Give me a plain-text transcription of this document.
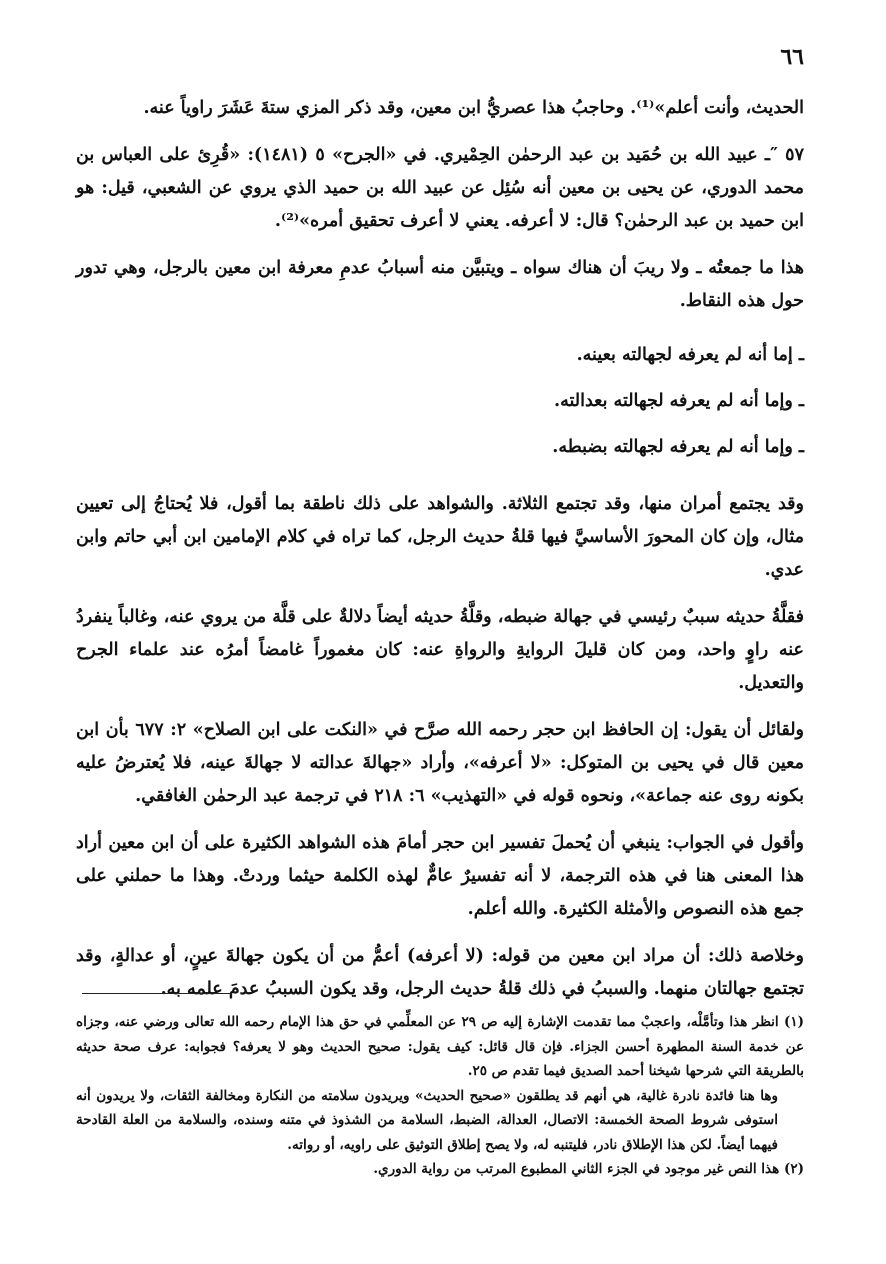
٦٦

الحديث، وأنت أعلم»⁽¹⁾. وحاجبُ هذا عصريُّ ابن معين، وقد ذكر المزي ستةَ عَشَرَ راوياً عنه.

٥٧ ″ـ عبيد الله بن حُمَيد بن عبد الرحمٰن الحِمْيري. في «الجرح» ٥ (١٤٨١): «قُرِئ على العباس بن محمد الدوري، عن يحيى بن معين أنه سُئِل عن عبيد الله بن حميد الذي يروي عن الشعبي، قيل: هو ابن حميد بن عبد الرحمٰن؟ قال: لا أعرفه. يعني لا أعرف تحقيق أمره»⁽²⁾.

هذا ما جمعتُه ـ ولا ريبَ أن هناك سواه ـ ويتبيَّن منه أسبابُ عدمِ معرفة ابن معين بالرجل، وهي تدور حول هذه النقاط.

ـ إما أنه لم يعرفه لجهالته بعينه.

ـ وإما أنه لم يعرفه لجهالته بعدالته.

ـ وإما أنه لم يعرفه لجهالته بضبطه.

وقد يجتمع أمران منها، وقد تجتمع الثلاثة. والشواهد على ذلك ناطقة بما أقول، فلا يُحتاجُ إلى تعيين مثال، وإن كان المحورَ الأساسيَّ فيها قلةُ حديث الرجل، كما تراه في كلام الإمامين ابن أبي حاتم وابن عدي.

فقلَّةُ حديثه سببٌ رئيسي في جهالة ضبطه، وقلَّةُ حديثه أيضاً دلالةٌ على قلَّة من يروي عنه، وغالباً ينفردُ عنه راوٍ واحد، ومن كان قليلَ الروايةِ والرواةِ عنه: كان مغموراً غامضاً أمرُه عند علماء الجرح والتعديل.

ولقائل أن يقول: إن الحافظ ابن حجر رحمه الله صرَّح في «النكت على ابن الصلاح» ٢: ٦٧٧ بأن ابن معين قال في يحيى بن المتوكل: «لا أعرفه»، وأراد «جهالةَ عدالته لا جهالةَ عينه، فلا يُعترضُ عليه بكونه روى عنه جماعة»، ونحوه قوله في «التهذيب» ٦: ٢١٨ في ترجمة عبد الرحمٰن الغافقي.

وأقول في الجواب: ينبغي أن يُحملَ تفسير ابن حجر أمامَ هذه الشواهد الكثيرة على أن ابن معين أراد هذا المعنى هنا في هذه الترجمة، لا أنه تفسيرٌ عامٌّ لهذه الكلمة حيثما وردتْ. وهذا ما حملني على جمع هذه النصوص والأمثلة الكثيرة. والله أعلم.

وخلاصة ذلك: أن مراد ابن معين من قوله: (لا أعرفه) أعمُّ من أن يكون جهالةَ عينٍ، أو عدالةٍ، وقد تجتمع جهالتان منهما. والسببُ في ذلك قلةُ حديث الرجل، وقد يكون السببُ عدمَ علمه به.

(١) انظر هذا وتأمَّلْه، واعجبْ مما تقدمت الإشارة إليه ص ٢٩ عن المعلِّمي في حق هذا الإمام رحمه الله تعالى ورضي عنه، وجزاه عن خدمة السنة المطهرة أحسن الجزاء. فإن قال قائل: كيف يقول: صحيح الحديث وهو لا يعرفه؟ فجوابه: عرف صحة حديثه بالطريقة التي شرحها شيخنا أحمد الصديق فيما تقدم ص ٢٥.

وها هنا فائدة نادرة غالية، هي أنهم قد يطلقون «صحيح الحديث» ويريدون سلامته من النكارة ومخالفة الثقات، ولا يريدون أنه استوفى شروط الصحة الخمسة: الاتصال، العدالة، الضبط، السلامة من الشذوذ في متنه وسنده، والسلامة من العلة القادحة فيهما أيضاً. لكن هذا الإطلاق نادر، فليتنبه له، ولا يصح إطلاق التوثيق على راويه، أو رواته.

(٢) هذا النص غير موجود في الجزء الثاني المطبوع المرتب من رواية الدوري.
